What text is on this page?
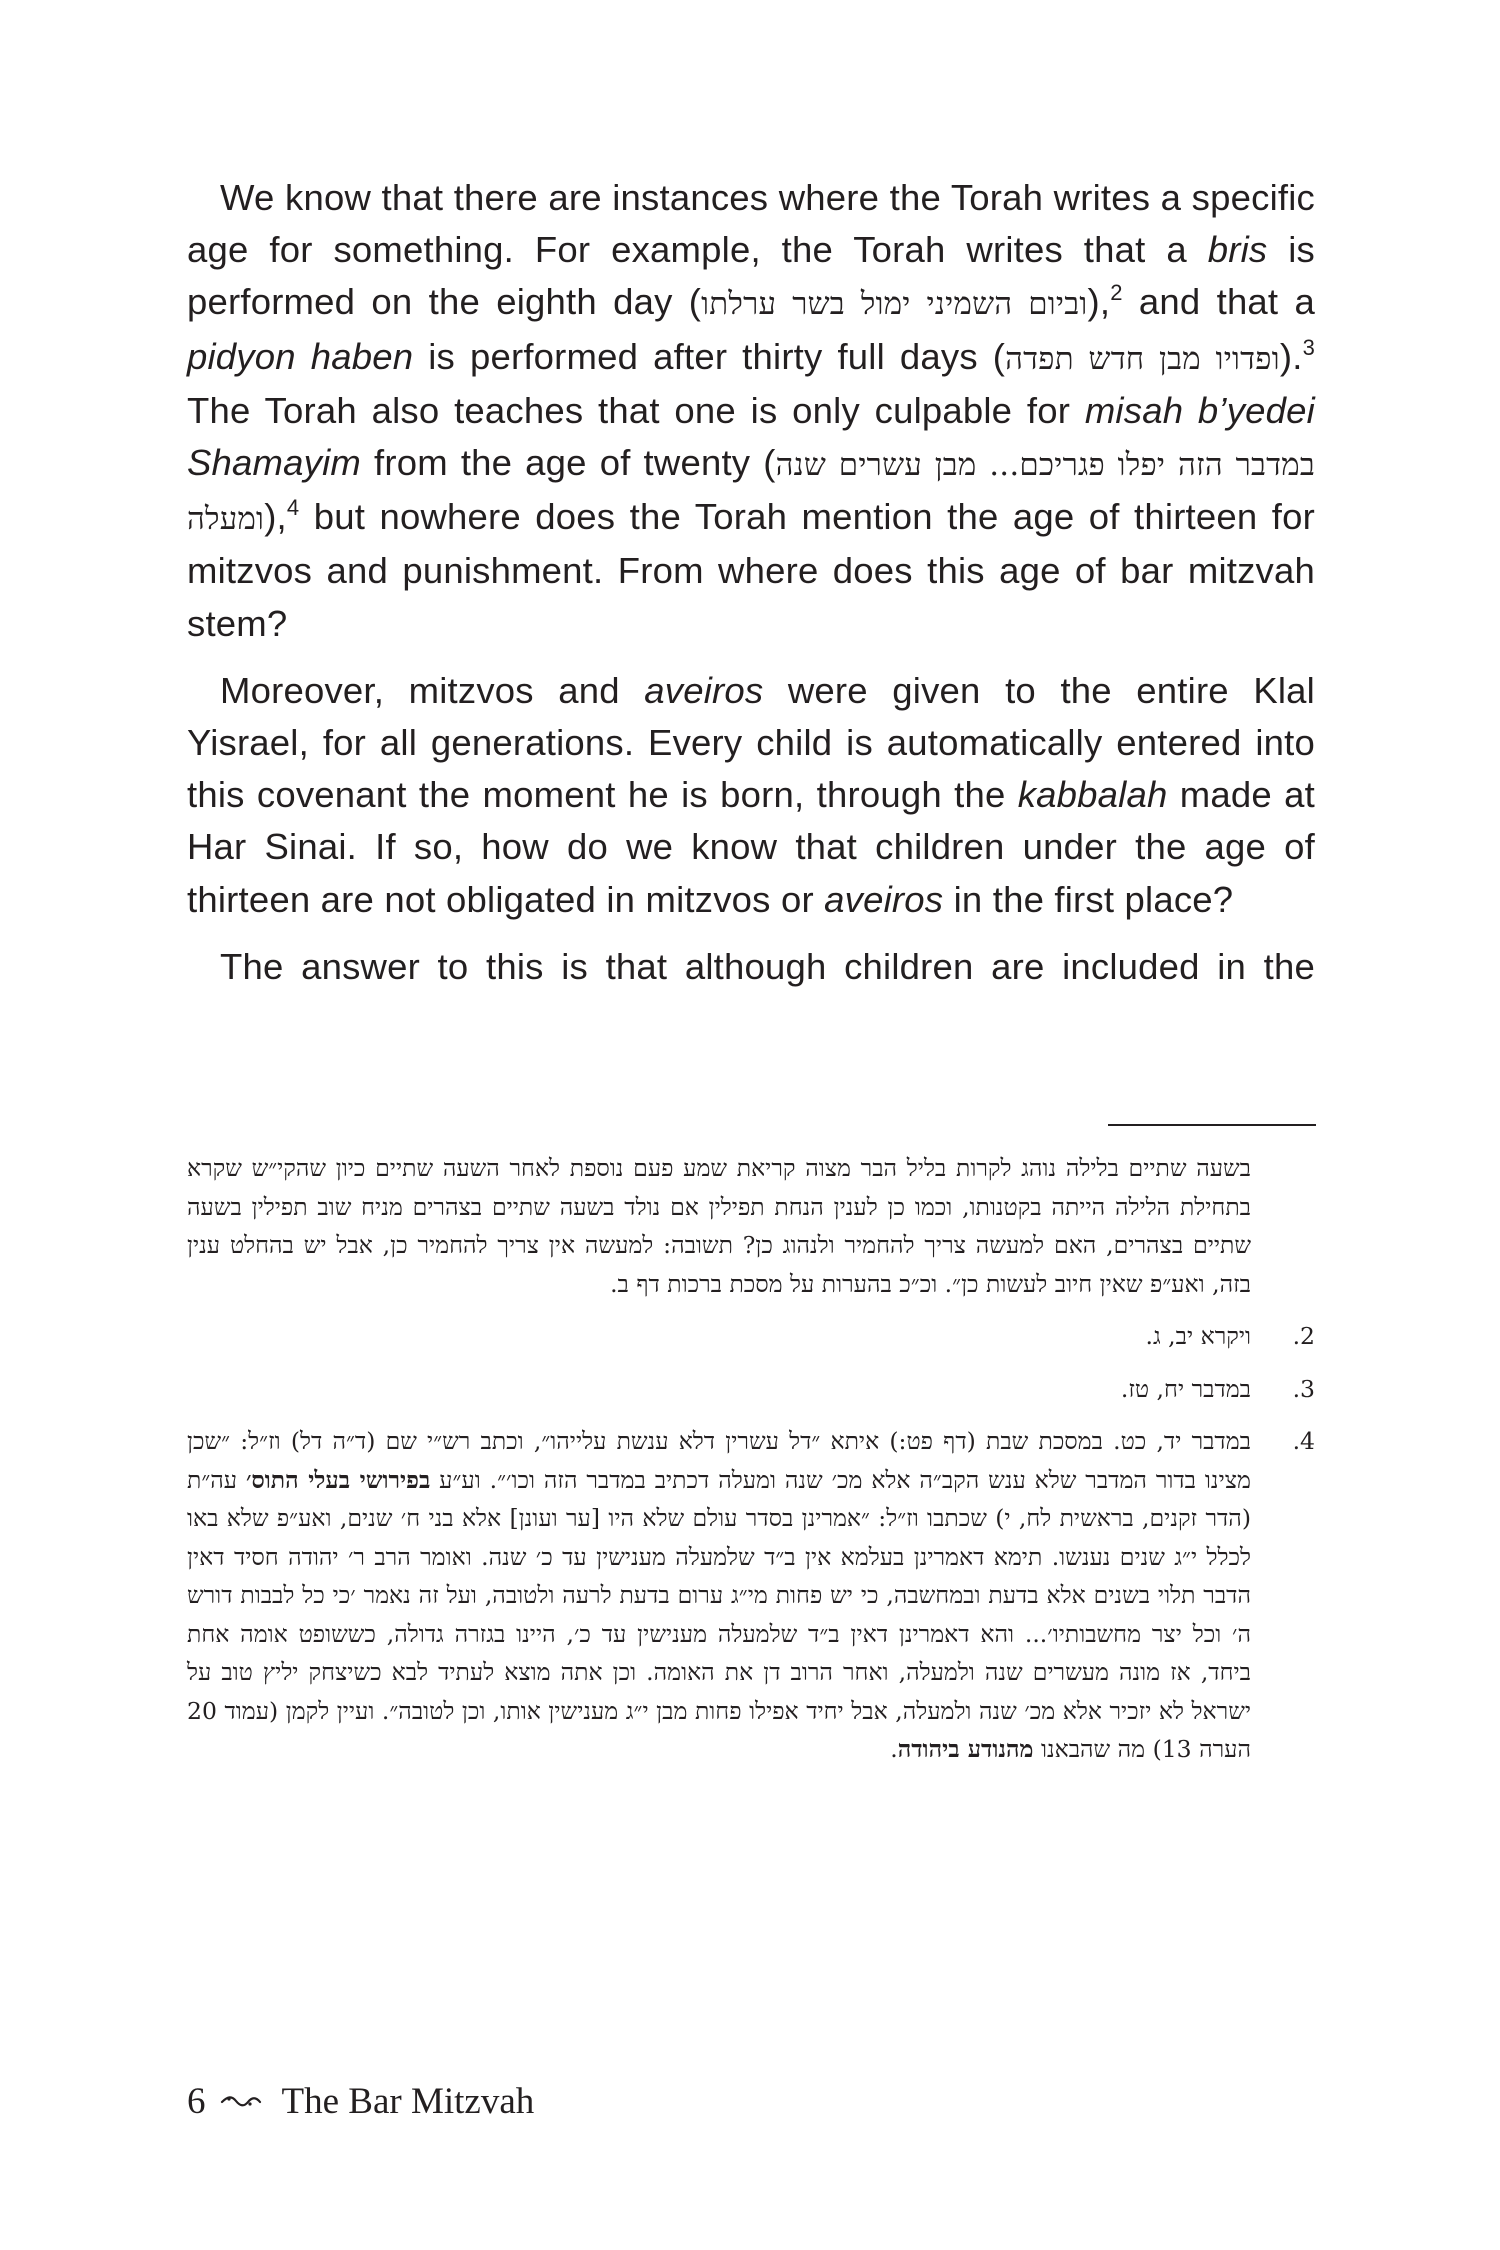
We know that there are instances where the Torah writes a specific age for something. For example, the Torah writes that a bris is performed on the eighth day (וביום השמיני ימול בשר ערלתו),$^2$ and that a pidyon haben is performed after thirty full days (ופדויו מבן חדש תפדה).$^3$ The Torah also teaches that one is only culpable for misah b’yedei Shamayim from the age of twenty (במדבר הזה יפלו פגריכם... מבן עשרים שנה ומעלה),$^4$ but nowhere does the Torah mention the age of thirteen for mitzvos and punishment. From where does this age of bar mitzvah stem?

Moreover, mitzvos and aveiros were given to the entire Klal Yisrael, for all generations. Every child is automatically entered into this covenant the moment he is born, through the kabbalah made at Har Sinai. If so, how do we know that children under the age of thirteen are not obligated in mitzvos or aveiros in the first place?

The answer to this is that although children are included in the

בשעה שתיים בלילה נוהג לקרות בליל הבר מצוה קריאת שמע פעם נוספת לאחר השעה שתיים כיון שהקי״ש שקרא בתחילת הלילה הייתה בקטנותו, וכמו כן לענין הנחת תפילין אם נולד בשעה שתיים בצהרים מניח שוב תפילין בשעה שתיים בצהרים, האם למעשה צריך להחמיר ולנהוג כן? תשובה: למעשה אין צריך להחמיר כן, אבל יש בהחלט ענין בזה, ואע״פ שאין חיוב לעשות כן״. וכ״כ בהערות על מסכת ברכות דף ב.
2.
ויקרא יב, ג.
3.
במדבר יח, טז.
4.
במדבר יד, כט. במסכת שבת (דף פט:) איתא ״דל עשרין דלא ענשת עלייהו״, וכתב רש״י שם (ד״ה דל) וז״ל: ״שכן מצינו בדור המדבר שלא ענש הקב״ה אלא מכ׳ שנה ומעלה דכתיב במדבר הזה וכו׳״. וע״ע בפירושי בעלי התוס׳ עה״ת (הדר זקנים, בראשית לח, י) שכתבו וז״ל: ״אמרינן בסדר עולם שלא היו [ער ועונן] אלא בני ח׳ שנים, ואע״פ שלא באו לכלל י״ג שנים נענשו. תימא דאמרינן בעלמא אין ב״ד שלמעלה מענישין עד כ׳ שנה. ואומר הרב ר׳ יהודה חסיד דאין הדבר תלוי בשנים אלא בדעת ובמחשבה, כי יש פחות מי״ג ערום בדעת לרעה ולטובה, ועל זה נאמר ׳כי כל לבבות דורש ה׳ וכל יצר מחשבותיו׳... והא דאמרינן דאין ב״ד שלמעלה מענישין עד כ׳, היינו בגזרה גדולה, כששופט אומה אחת ביחד, אז מונה מעשרים שנה ולמעלה, ואחר הרוב דן את האומה. וכן אתה מוצא לעתיד לבא כשיצחק יליץ טוב על ישראל לא יזכיר אלא מכ׳ שנה ולמעלה, אבל יחיד אפילו פחות מבן י״ג מענישין אותו, וכן לטובה״. ועיין לקמן (עמוד 20 הערה 13) מה שהבאנו מהנודע ביהודה.
6 The Bar Mitzvah
